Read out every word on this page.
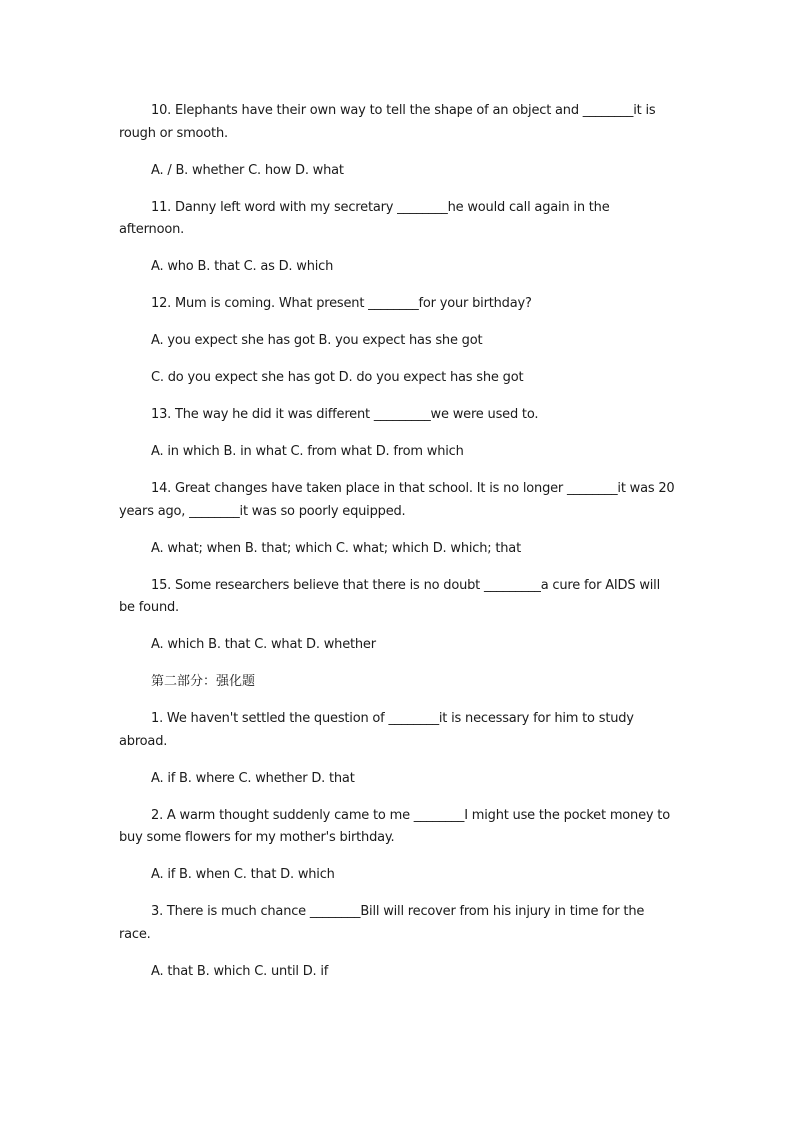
10. Elephants have their own way to tell the shape of an object and ________it is rough or smooth.

A. / B. whether C. how D. what

11. Danny left word with my secretary ________he would call again in the afternoon.

A. who B. that C. as D. which

12. Mum is coming. What present ________for your birthday?

A. you expect she has got B. you expect has she got

C. do you expect she has got D. do you expect has she got

13. The way he did it was different _________we were used to.

A. in which B. in what C. from what D. from which

14. Great changes have taken place in that school. It is no longer ________it was 20 years ago, ________it was so poorly equipped.

A. what; when B. that; which C. what; which D. which; that

15. Some researchers believe that there is no doubt _________a cure for AIDS will be found.

A. which B. that C. what D. whether

第二部分：强化题

1. We haven't settled the question of ________it is necessary for him to study abroad.

A. if B. where C. whether D. that

2. A warm thought suddenly came to me ________I might use the pocket money to buy some flowers for my mother's birthday.

A. if B. when C. that D. which

3. There is much chance ________Bill will recover from his injury in time for the race.

A. that B. which C. until D. if
